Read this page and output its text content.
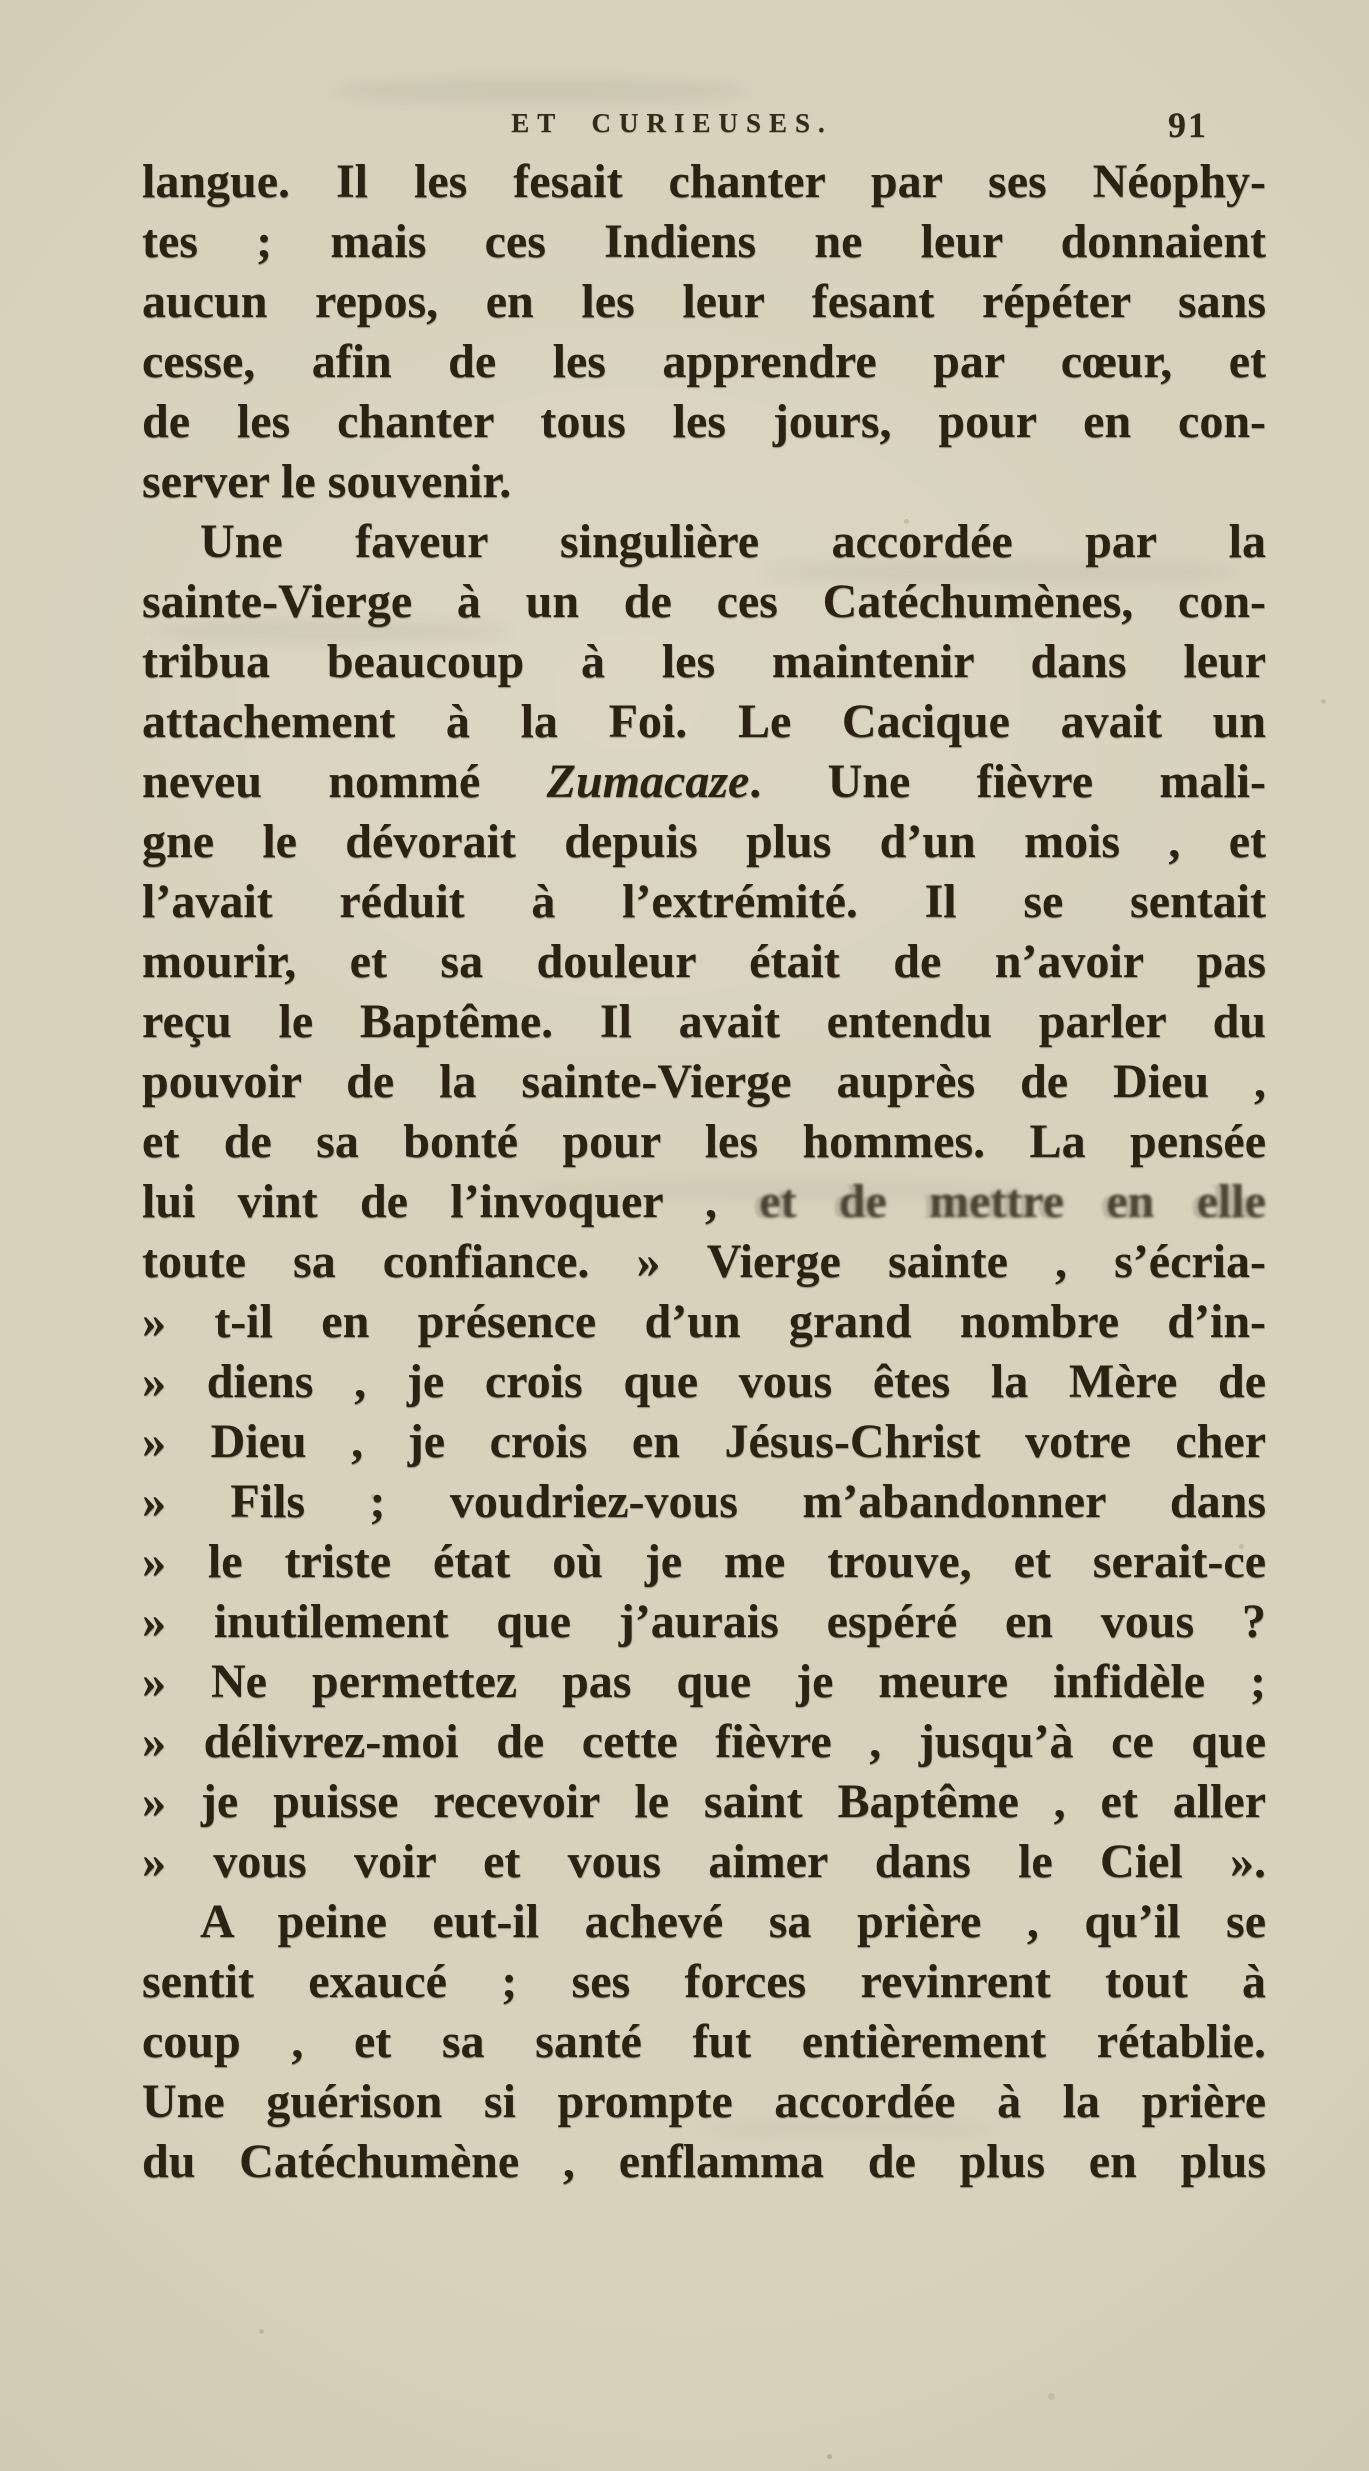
ET CURIEUSES.	91
langue. Il les fesait chanter par ses Néophy-
tes ; mais ces Indiens ne leur donnaient
aucun repos, en les leur fesant répéter sans
cesse, afin de les apprendre par cœur, et
de les chanter tous les jours, pour en con-
server le souvenir.
Une faveur singulière accordée par la
sainte-Vierge à un de ces Catéchumènes, con-
tribua beaucoup à les maintenir dans leur
attachement à la Foi. Le Cacique avait un
neveu nommé Zumacaze. Une fièvre mali-
gne le dévorait depuis plus d’un mois , et
l’avait réduit à l’extrémité. Il se sentait
mourir, et sa douleur était de n’avoir pas
reçu le Baptême. Il avait entendu parler du
pouvoir de la sainte-Vierge auprès de Dieu ,
et de sa bonté pour les hommes. La pensée
lui vint de l’invoquer , et de mettre en elle
toute sa confiance. » Vierge sainte , s’écria-
» t-il en présence d’un grand nombre d’in-
» diens , je crois que vous êtes la Mère de
» Dieu , je crois en Jésus-Christ votre cher
» Fils ; voudriez-vous m’abandonner dans
» le triste état où je me trouve, et serait-ce
» inutilement que j’aurais espéré en vous ?
» Ne permettez pas que je meure infidèle ;
» délivrez-moi de cette fièvre , jusqu’à ce que
» je puisse recevoir le saint Baptême , et aller
» vous voir et vous aimer dans le Ciel ».
A peine eut-il achevé sa prière , qu’il se
sentit exaucé ; ses forces revinrent tout à
coup , et sa santé fut entièrement rétablie.
Une guérison si prompte accordée à la prière
du Catéchumène , enflamma de plus en plus
